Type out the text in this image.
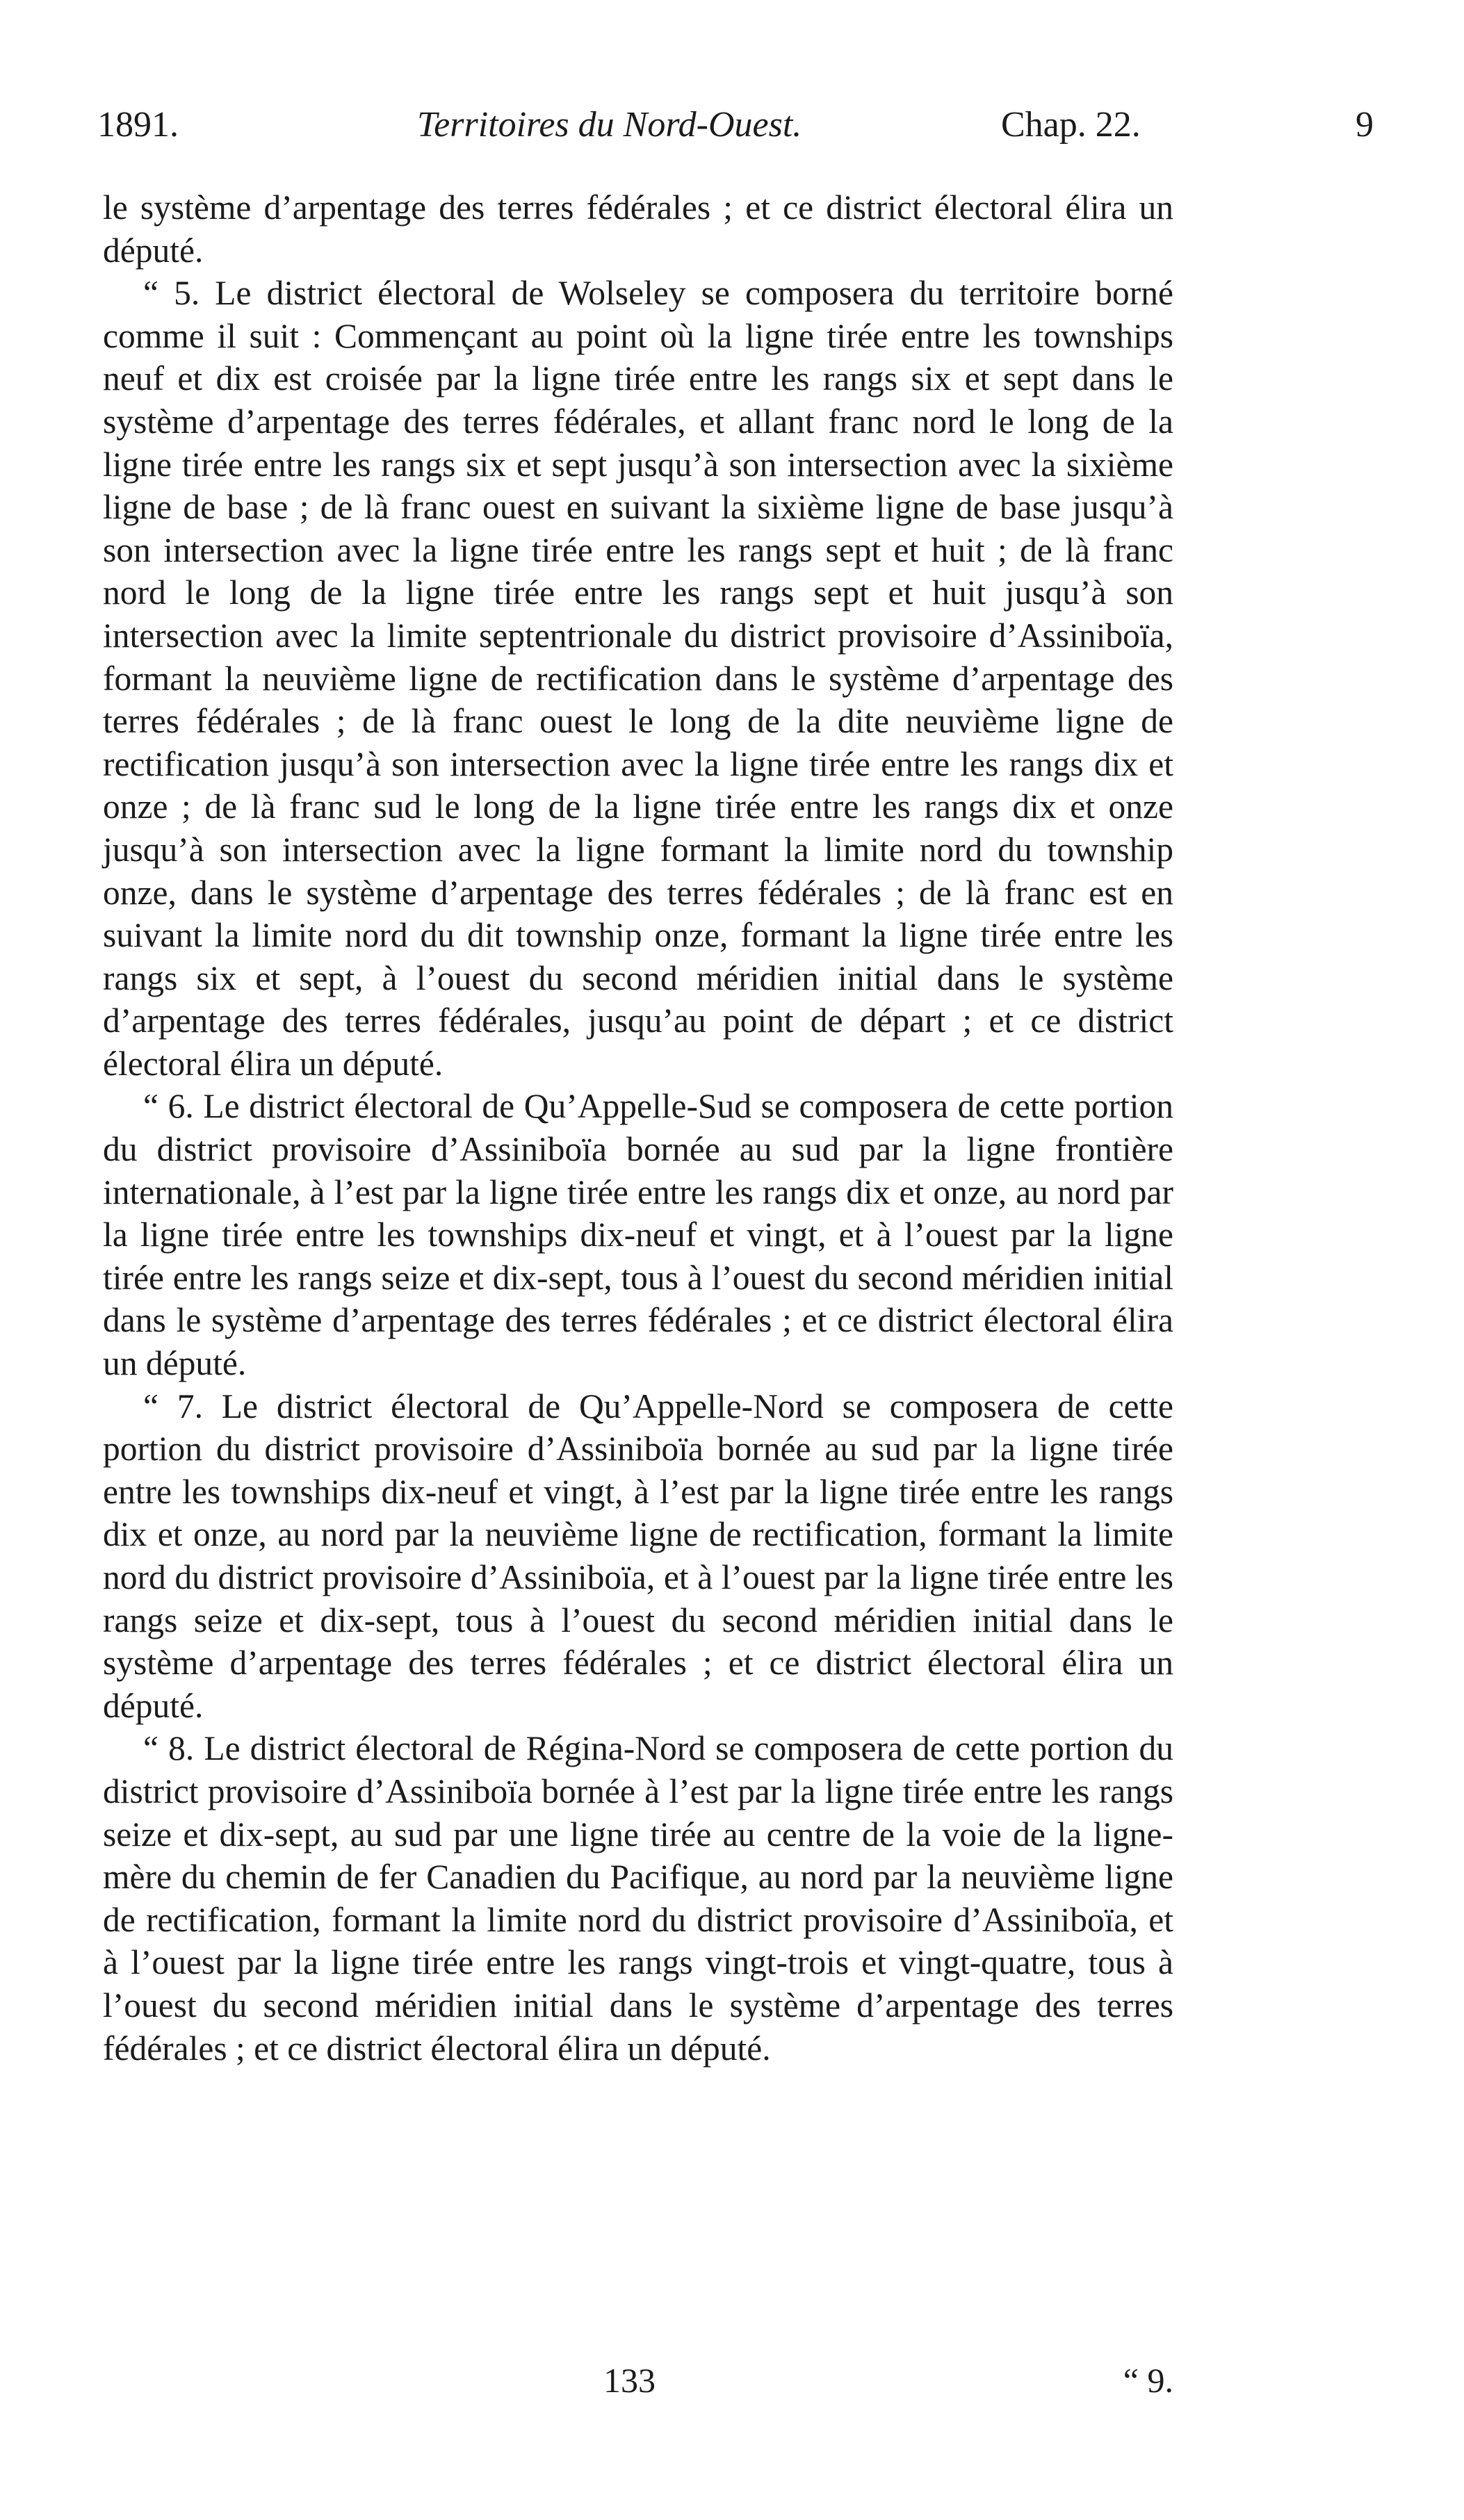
1891.	Territoires du Nord-Ouest.	Chap. 22.	9

le système d’arpentage des terres fédérales ; et ce district électoral élira un député.

“ 5. Le district électoral de Wolseley se composera du territoire borné comme il suit : Commençant au point où la ligne tirée entre les townships neuf et dix est croisée par la ligne tirée entre les rangs six et sept dans le système d’arpentage des terres fédérales, et allant franc nord le long de la ligne tirée entre les rangs six et sept jusqu’à son intersection avec la sixième ligne de base ; de là franc ouest en suivant la sixième ligne de base jusqu’à son intersection avec la ligne tirée entre les rangs sept et huit ; de là franc nord le long de la ligne tirée entre les rangs sept et huit jusqu’à son intersection avec la limite septentrionale du district provisoire d’Assiniboïa, formant la neuvième ligne de rectification dans le système d’arpentage des terres fédérales ; de là franc ouest le long de la dite neuvième ligne de rectification jusqu’à son intersection avec la ligne tirée entre les rangs dix et onze ; de là franc sud le long de la ligne tirée entre les rangs dix et onze jusqu’à son intersection avec la ligne formant la limite nord du township onze, dans le système d’arpentage des terres fédérales ; de là franc est en suivant la limite nord du dit township onze, formant la ligne tirée entre les rangs six et sept, à l’ouest du second méridien initial dans le système d’arpentage des terres fédérales, jusqu’au point de départ ; et ce district électoral élira un député.

“ 6. Le district électoral de Qu’Appelle-Sud se composera de cette portion du district provisoire d’Assiniboïa bornée au sud par la ligne frontière internationale, à l’est par la ligne tirée entre les rangs dix et onze, au nord par la ligne tirée entre les townships dix-neuf et vingt, et à l’ouest par la ligne tirée entre les rangs seize et dix-sept, tous à l’ouest du second méridien initial dans le système d’arpentage des terres fédérales ; et ce district électoral élira un député.

“ 7. Le district électoral de Qu’Appelle-Nord se composera de cette portion du district provisoire d’Assiniboïa bornée au sud par la ligne tirée entre les townships dix-neuf et vingt, à l’est par la ligne tirée entre les rangs dix et onze, au nord par la neuvième ligne de rectification, formant la limite nord du district provisoire d’Assiniboïa, et à l’ouest par la ligne tirée entre les rangs seize et dix-sept, tous à l’ouest du second méridien initial dans le système d’arpentage des terres fédérales ; et ce district électoral élira un député.

“ 8. Le district électoral de Régina-Nord se composera de cette portion du district provisoire d’Assiniboïa bornée à l’est par la ligne tirée entre les rangs seize et dix-sept, au sud par une ligne tirée au centre de la voie de la ligne-mère du chemin de fer Canadien du Pacifique, au nord par la neuvième ligne de rectification, formant la limite nord du district provisoire d’Assiniboïa, et à l’ouest par la ligne tirée entre les rangs vingt-trois et vingt-quatre, tous à l’ouest du second méridien initial dans le système d’arpentage des terres fédérales ; et ce district électoral élira un député.

133	“ 9.
